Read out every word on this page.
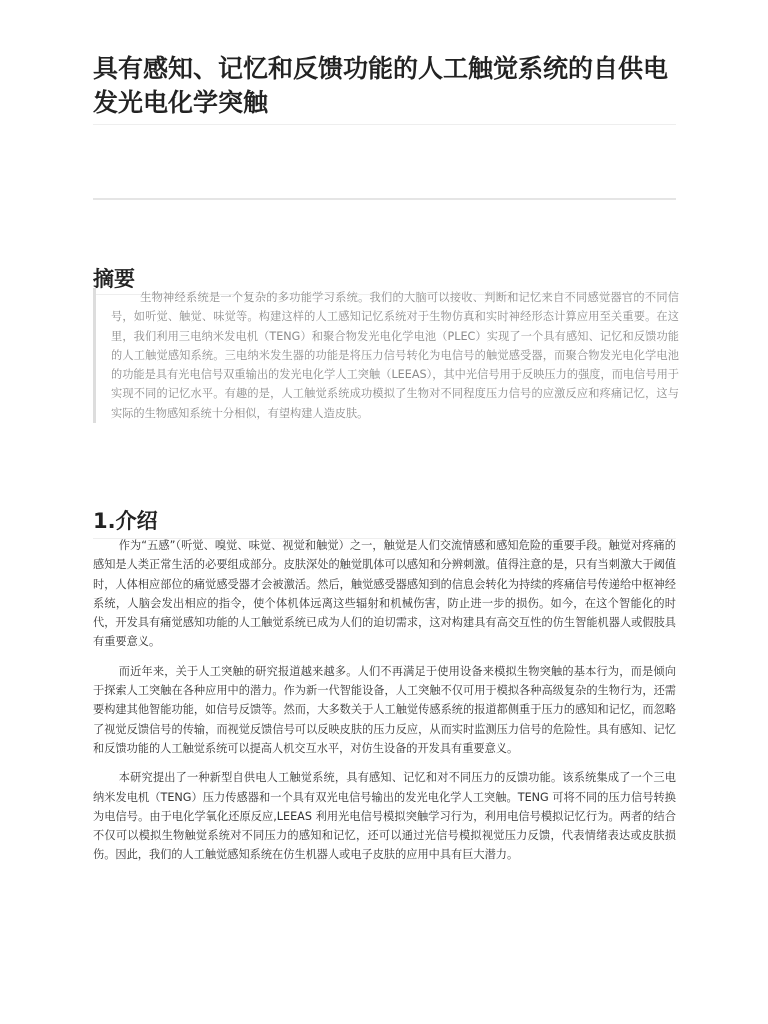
具有感知、记忆和反馈功能的人工触觉系统的自供电发光电化学突触
摘要
生物神经系统是一个复杂的多功能学习系统。我们的大脑可以接收、判断和记忆来自不同感觉器官的不同信号，如听觉、触觉、味觉等。构建这样的人工感知记忆系统对于生物仿真和实时神经形态计算应用至关重要。在这里，我们利用三电纳米发电机（TENG）和聚合物发光电化学电池（PLEC）实现了一个具有感知、记忆和反馈功能的人工触觉感知系统。三电纳米发生器的功能是将压力信号转化为电信号的触觉感受器，而聚合物发光电化学电池的功能是具有光电信号双重输出的发光电化学人工突触（LEEAS），其中光信号用于反映压力的强度，而电信号用于实现不同的记忆水平。有趣的是，人工触觉系统成功模拟了生物对不同程度压力信号的应激反应和疼痛记忆，这与实际的生物感知系统十分相似，有望构建人造皮肤。
1.介绍

作为“五感”（听觉、嗅觉、味觉、视觉和触觉）之一，触觉是人们交流情感和感知危险的重要手段。触觉对疼痛的感知是人类正常生活的必要组成部分。皮肤深处的触觉肌体可以感知和分辨刺激。值得注意的是，只有当刺激大于阈值时，人体相应部位的痛觉感受器才会被激活。然后，触觉感受器感知到的信息会转化为持续的疼痛信号传递给中枢神经系统，人脑会发出相应的指令，使个体机体远离这些辐射和机械伤害，防止进一步的损伤。如今，在这个智能化的时代，开发具有痛觉感知功能的人工触觉系统已成为人们的迫切需求，这对构建具有高交互性的仿生智能机器人或假肢具有重要意义。

而近年来，关于人工突触的研究报道越来越多。人们不再满足于使用设备来模拟生物突触的基本行为，而是倾向于探索人工突触在各种应用中的潜力。作为新一代智能设备，人工突触不仅可用于模拟各种高级复杂的生物行为，还需要构建其他智能功能，如信号反馈等。然而，大多数关于人工触觉传感系统的报道都侧重于压力的感知和记忆，而忽略了视觉反馈信号的传输，而视觉反馈信号可以反映皮肤的压力反应，从而实时监测压力信号的危险性。具有感知、记忆和反馈功能的人工触觉系统可以提高人机交互水平，对仿生设备的开发具有重要意义。

本研究提出了一种新型自供电人工触觉系统，具有感知、记忆和对不同压力的反馈功能。该系统集成了一个三电纳米发电机（TENG）压力传感器和一个具有双光电信号输出的发光电化学人工突触。TENG 可将不同的压力信号转换为电信号。由于电化学氧化还原反应,LEEAS 利用光电信号模拟突触学习行为，利用电信号模拟记忆行为。两者的结合不仅可以模拟生物触觉系统对不同压力的感知和记忆，还可以通过光信号模拟视觉压力反馈，代表情绪表达或皮肤损伤。因此，我们的人工触觉感知系统在仿生机器人或电子皮肤的应用中具有巨大潜力。
